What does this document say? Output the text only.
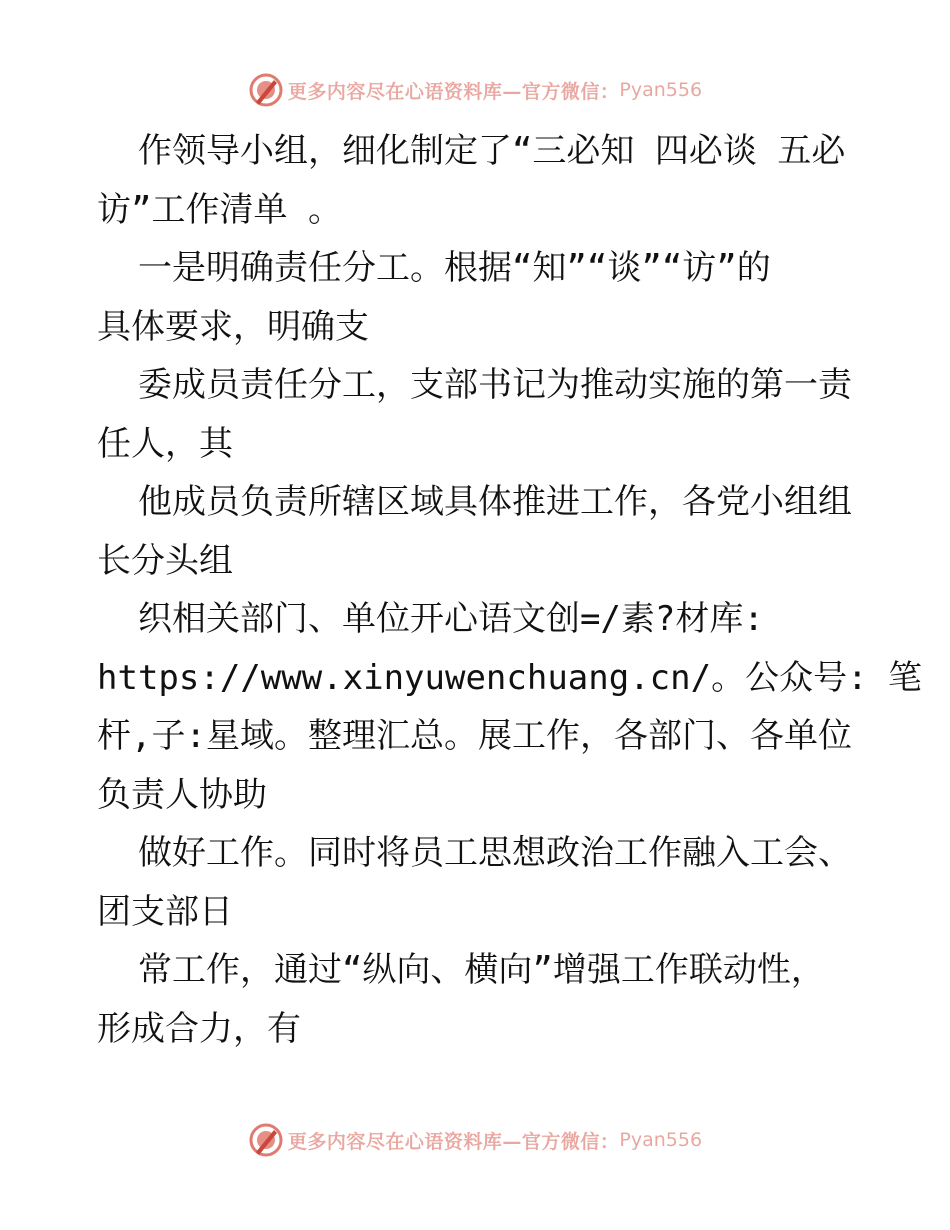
更多内容尽在心语资料库—官方微信： Pyan556
作领导小组，细化制定了“三必知 四必谈 五必
访”工作清单 。
一是明确责任分工。根据“知”“谈”“访”的
具体要求，明确支
委成员责任分工，支部书记为推动实施的第一责
任人，其
他成员负责所辖区域具体推进工作，各党小组组
长分头组
织相关部门、单位开心语文创=/素?材库:
https://www.xinyuwenchuang.cn/。公众号: 笔
杆,子:星域。整理汇总。展工作，各部门、各单位
负责人协助
做好工作。同时将员工思想政治工作融入工会、
团支部日
常工作，通过“纵向、横向”增强工作联动性，
形成合力，有
更多内容尽在心语资料库—官方微信： Pyan556
